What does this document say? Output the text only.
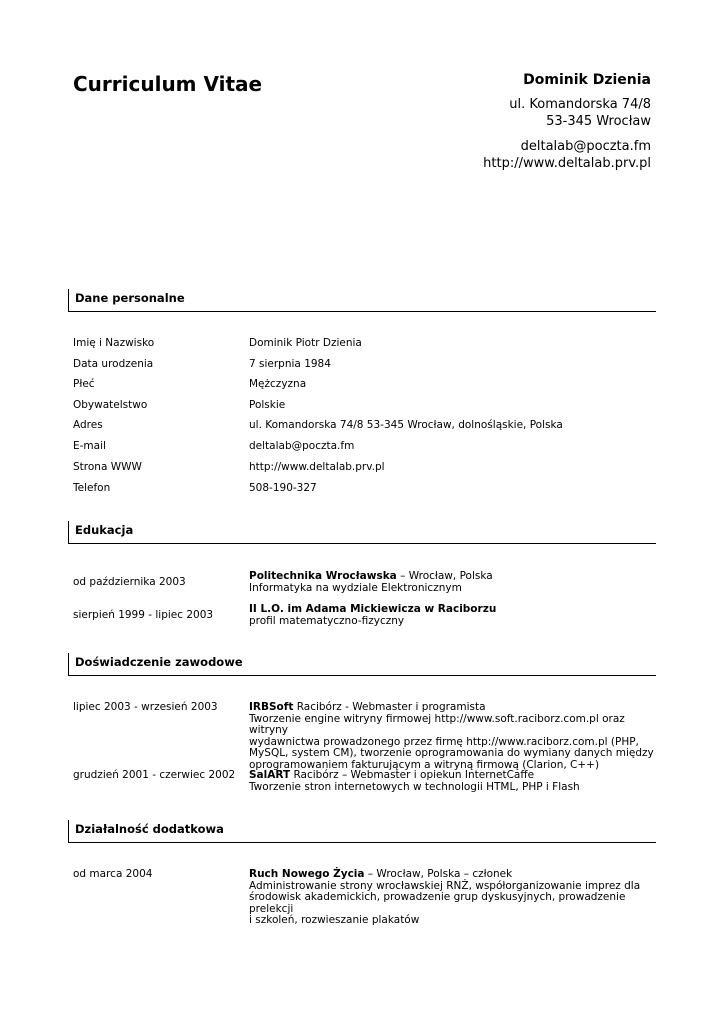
Curriculum Vitae	Dominik Dzienia
ul. Komandorska 74/8
53-345 Wrocław
deltalab@poczta.fm
http://www.deltalab.prv.pl
Dane personalne
Imię i Nazwisko	Dominik Piotr Dzienia
Data urodzenia	7 sierpnia 1984
Płeć	Mężczyzna
Obywatelstwo	Polskie
Adres	ul. Komandorska 74/8 53-345 Wrocław, dolnośląskie, Polska
E-mail	deltalab@poczta.fm
Strona WWW	http://www.deltalab.prv.pl
Telefon	508-190-327
Edukacja
od października 2003	Politechnika Wrocławska – Wrocław, Polska
Informatyka na wydziale Elektronicznym
sierpień 1999 - lipiec 2003	II L.O. im Adama Mickiewicza w Raciborzu
profil matematyczno-fizyczny
Doświadczenie zawodowe
lipiec 2003 - wrzesień 2003	IRBSoft Racibórz - Webmaster i programista
Tworzenie engine witryny firmowej http://www.soft.raciborz.com.pl oraz witryny
wydawnictwa prowadzonego przez firmę http://www.raciborz.com.pl (PHP,
MySQL, system CM), tworzenie oprogramowania do wymiany danych między
oprogramowaniem fakturującym a witryną firmową (Clarion, C++)
grudzień 2001 - czerwiec 2002	SalART Racibórz – Webmaster i opiekun InternetCaffe
Tworzenie stron internetowych w technologii HTML, PHP i Flash
Działalność dodatkowa
od marca 2004	Ruch Nowego Życia – Wrocław, Polska – członek
Administrowanie strony wrocławskiej RNŻ, współorganizowanie imprez dla
środowisk akademickich, prowadzenie grup dyskusyjnych, prowadzenie prelekcji
i szkoleń, rozwieszanie plakatów
